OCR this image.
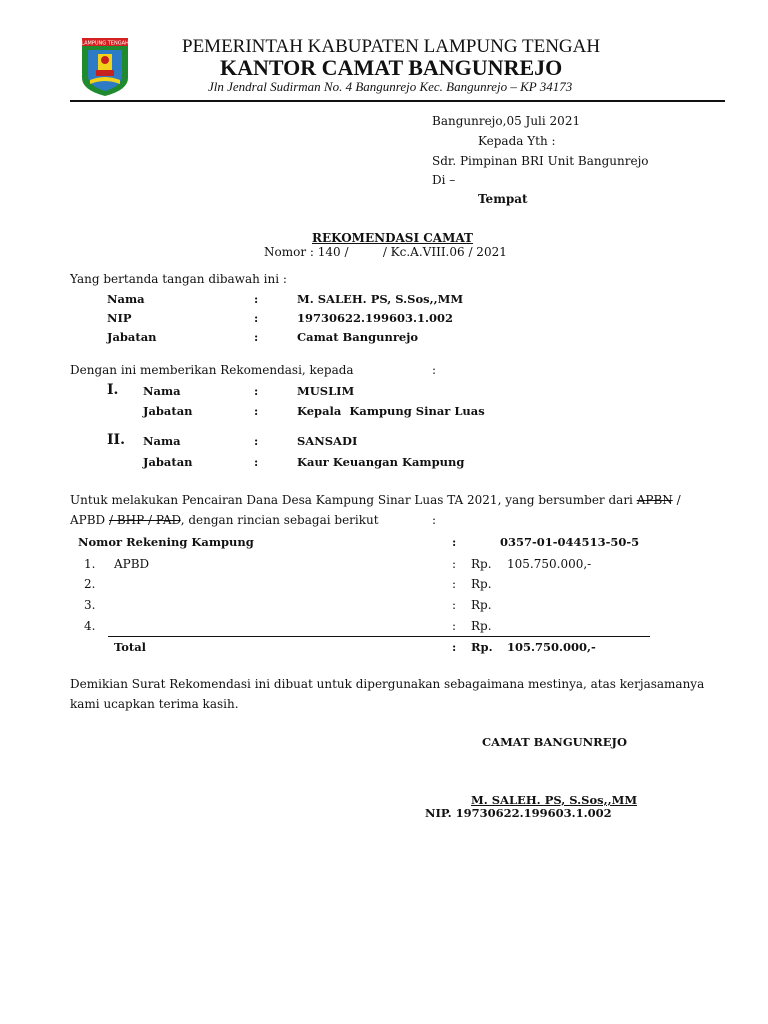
LAMPUNG TENGAH	PEMERINTAH KABUPATEN LAMPUNG TENGAH
KANTOR CAMAT BANGUNREJO
Jln Jendral Sudirman No. 4 Bangunrejo Kec. Bangunrejo – KP 34173
Bangunrejo,05 Juli 2021
Kepada Yth :
Sdr. Pimpinan BRI Unit Bangunrejo
Di –
Tempat
REKOMENDASI CAMAT
Nomor : 140 /         / Kc.A.VIII.06 / 2021
Yang bertanda tangan dibawah ini :
Nama	:	M. SALEH. PS, S.Sos,,MM
NIP	:	19730622.199603.1.002
Jabatan	:	Camat Bangunrejo
Dengan ini memberikan Rekomendasi, kepada	:
I. Nama	:	MUSLIM
Jabatan	:	Kepala  Kampung Sinar Luas
II. Nama	:	SANSADI
Jabatan	:	Kaur Keuangan Kampung
Untuk melakukan Pencairan Dana Desa Kampung Sinar Luas TA 2021, yang bersumber dari APBN /
APBD / BHP / PAD, dengan rincian sebagai berikut	:
Nomor Rekening Kampung	:	0357-01-044513-50-5
1. APBD	: Rp. 105.750.000,-
2.	: Rp.
3.	: Rp.
4.	: Rp.
Total	: Rp. 105.750.000,-
Demikian Surat Rekomendasi ini dibuat untuk dipergunakan sebagaimana mestinya, atas kerjasamanya
kami ucapkan terima kasih.
CAMAT BANGUNREJO
M. SALEH. PS, S.Sos,,MM
NIP. 19730622.199603.1.002
